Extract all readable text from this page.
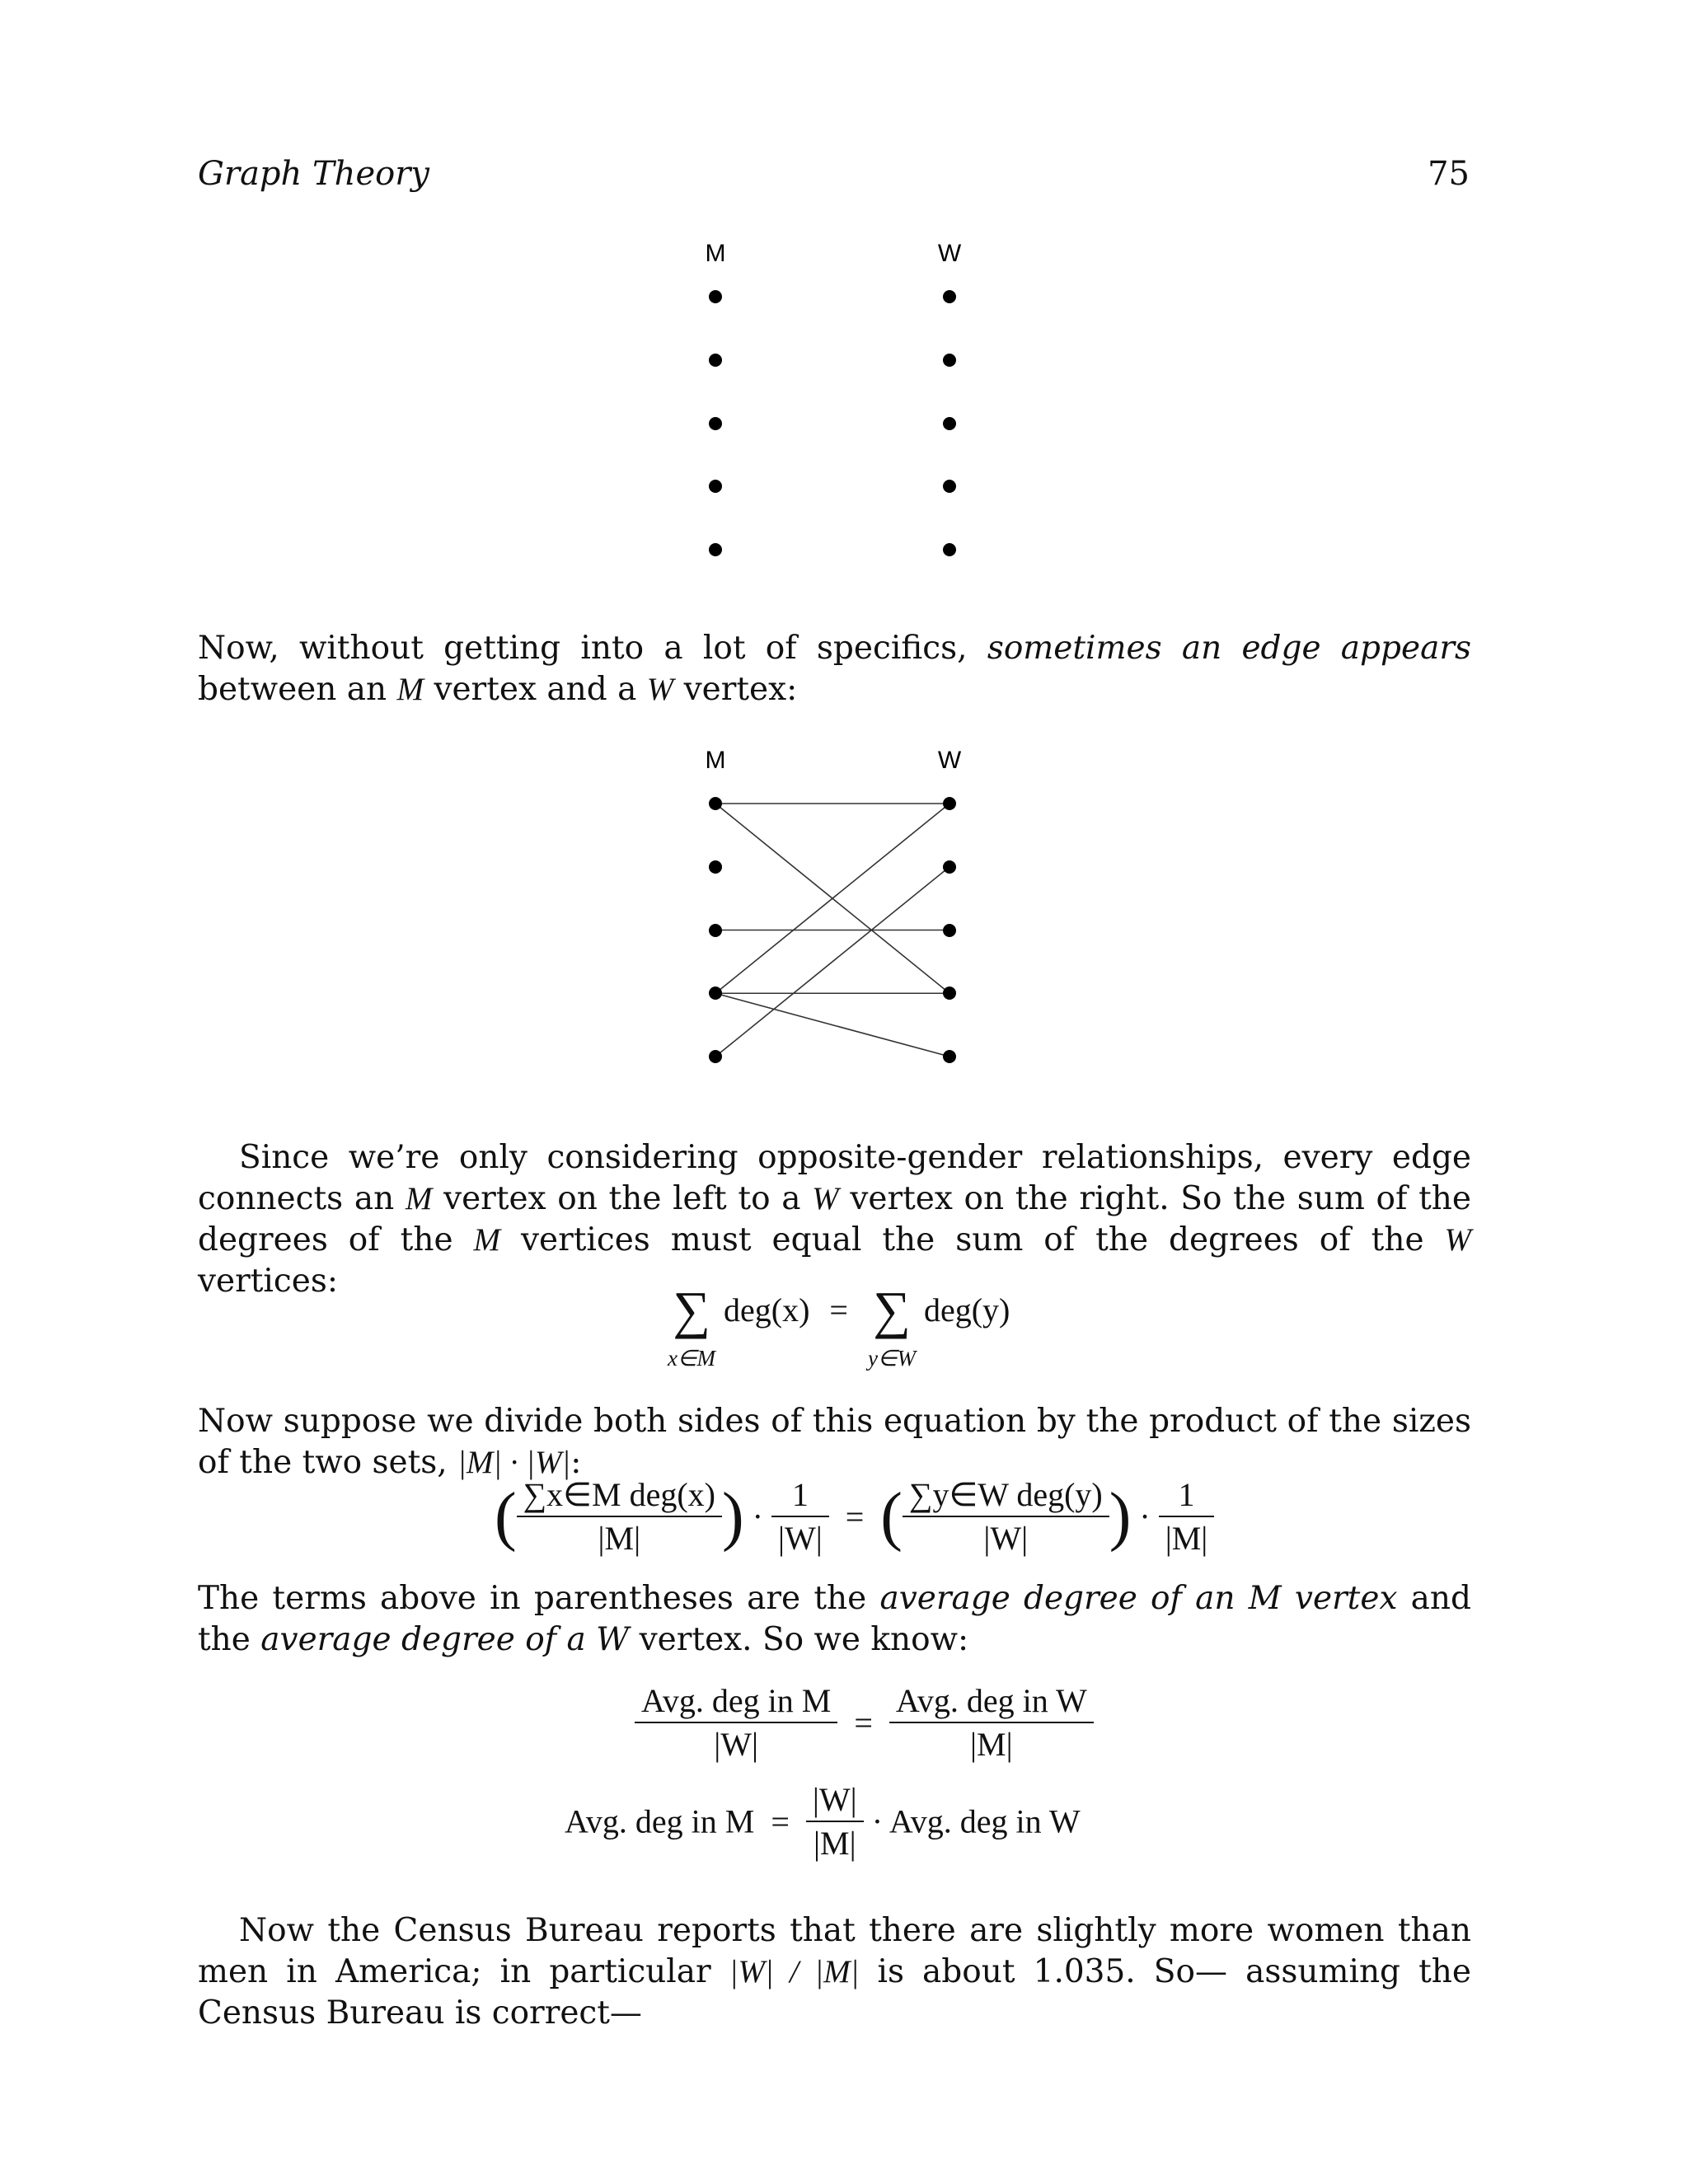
Graph Theory	75
M	W

Now, without getting into a lot of specifics, sometimes an edge appears between an M vertex and a W vertex:

M	W

Since we’re only considering opposite-gender relationships, every edge connects an M vertex on the left to a W vertex on the right. So the sum of the degrees of the M vertices must equal the sum of the degrees of the W vertices:	∑
x∈M deg(x) = ∑
y∈W deg(y)

Now suppose we divide both sides of this equation by the product of the sizes of the two sets, |M| · |W|:

( $\frac{\text{∑x∈M deg(x)}}{|M|}$ ) · $\frac{1}{|W|}$ = ( $\frac{\text{∑y∈W deg(y)}}{|W|}$ ) · $\frac{1}{|M|}$

The terms above in parentheses are the average degree of an M vertex and the average degree of a W vertex. So we know:

$\frac{\text{Avg. deg in M}}{|W|} = \frac{\text{Avg. deg in W}}{|M|}$
Avg. deg in $M = \frac{|W|}{|M|}$ · Avg. deg in W

Now the Census Bureau reports that there are slightly more women than men in America; in particular |W| / |M| is about 1.035. So— assuming the Census Bureau is correct—
